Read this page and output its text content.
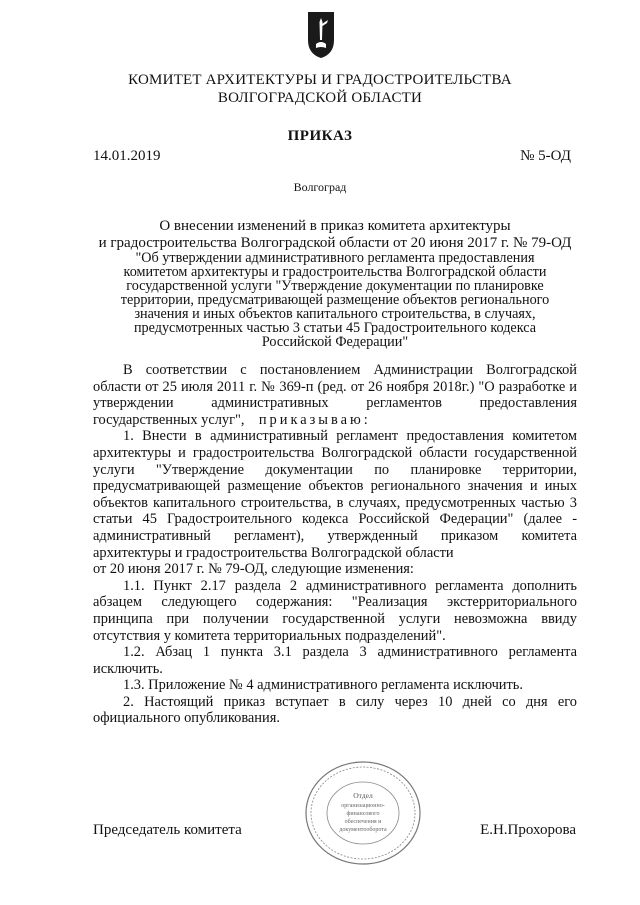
КОМИТЕТ АРХИТЕКТУРЫ И ГРАДОСТРОИТЕЛЬСТВА
ВОЛГОГРАДСКОЙ ОБЛАСТИ
ПРИКАЗ
14.01.2019	№ 5-ОД
Волгоград
О внесении изменений в приказ комитета архитектуры
и градостроительства Волгоградской области от 20 июня 2017 г. № 79-ОД
"Об утверждении административного регламента предоставления
комитетом архитектуры и градостроительства Волгоградской области
государственной услуги "Утверждение документации по планировке
территории, предусматривающей размещение объектов регионального
значения и иных объектов капитального строительства, в случаях,
предусмотренных частью 3 статьи 45 Градостроительного кодекса
Российской Федерации"

В соответствии с постановлением Администрации Волгоградской области от 25 июля 2011 г. № 369-п (ред. от 26 ноября 2018г.) "О разработке и утверждении административных регламентов предоставления государственных услуг", приказываю:

1. Внести в административный регламент предоставления комитетом архитектуры и градостроительства Волгоградской области государственной услуги "Утверждение документации по планировке территории, предусматривающей размещение объектов регионального значения и иных объектов капитального строительства, в случаях, предусмотренных частью 3 статьи 45 Градостроительного кодекса Российской Федерации" (далее - административный регламент), утвержденный приказом комитета архитектуры и градостроительства Волгоградской области

от 20 июня 2017 г. № 79-ОД, следующие изменения:

1.1. Пункт 2.17 раздела 2 административного регламента дополнить абзацем следующего содержания: "Реализация экстерриториального принципа при получении государственной услуги невозможна ввиду отсутствия у комитета территориальных подразделений".

1.2. Абзац 1 пункта 3.1 раздела 3 административного регламента исключить.

1.3. Приложение № 4 административного регламента исключить.

2. Настоящий приказ вступает в силу через 10 дней со дня его официального опубликования.

Отдел
организационно-
финансового
обеспечения и
документооборота
Председатель комитета	Е.Н.Прохорова
